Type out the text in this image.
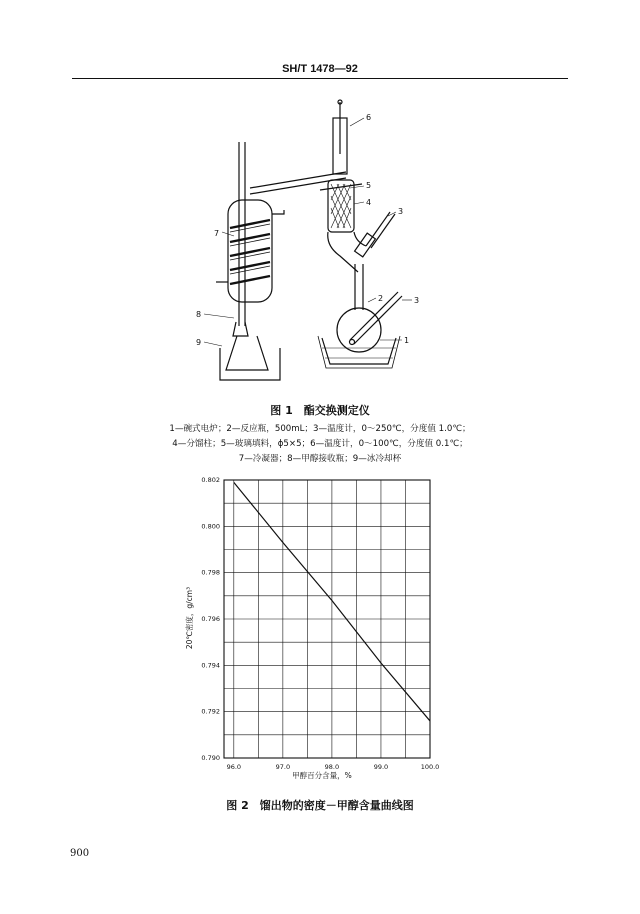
SH/T 1478—92
6
5
4
3
7
2	3
1
8
9
图 1　酯交换测定仪
1—碗式电炉；2—反应瓶，500mL；3—温度计，0～250℃，分度值 1.0℃；
4—分馏柱；5—玻璃填料，ϕ5×5；6—温度计，0～100℃，分度值 0.1℃；
7—冷凝器；8—甲醇接收瓶；9—冰冷却杯
96.0	97.0	98.0	99.0	100.0
0.790
0.792
0.794
0.796
0.798
0.800
0.802
20℃密度，g/cm³
甲醇百分含量，%
图 2　馏出物的密度－甲醇含量曲线图
900
